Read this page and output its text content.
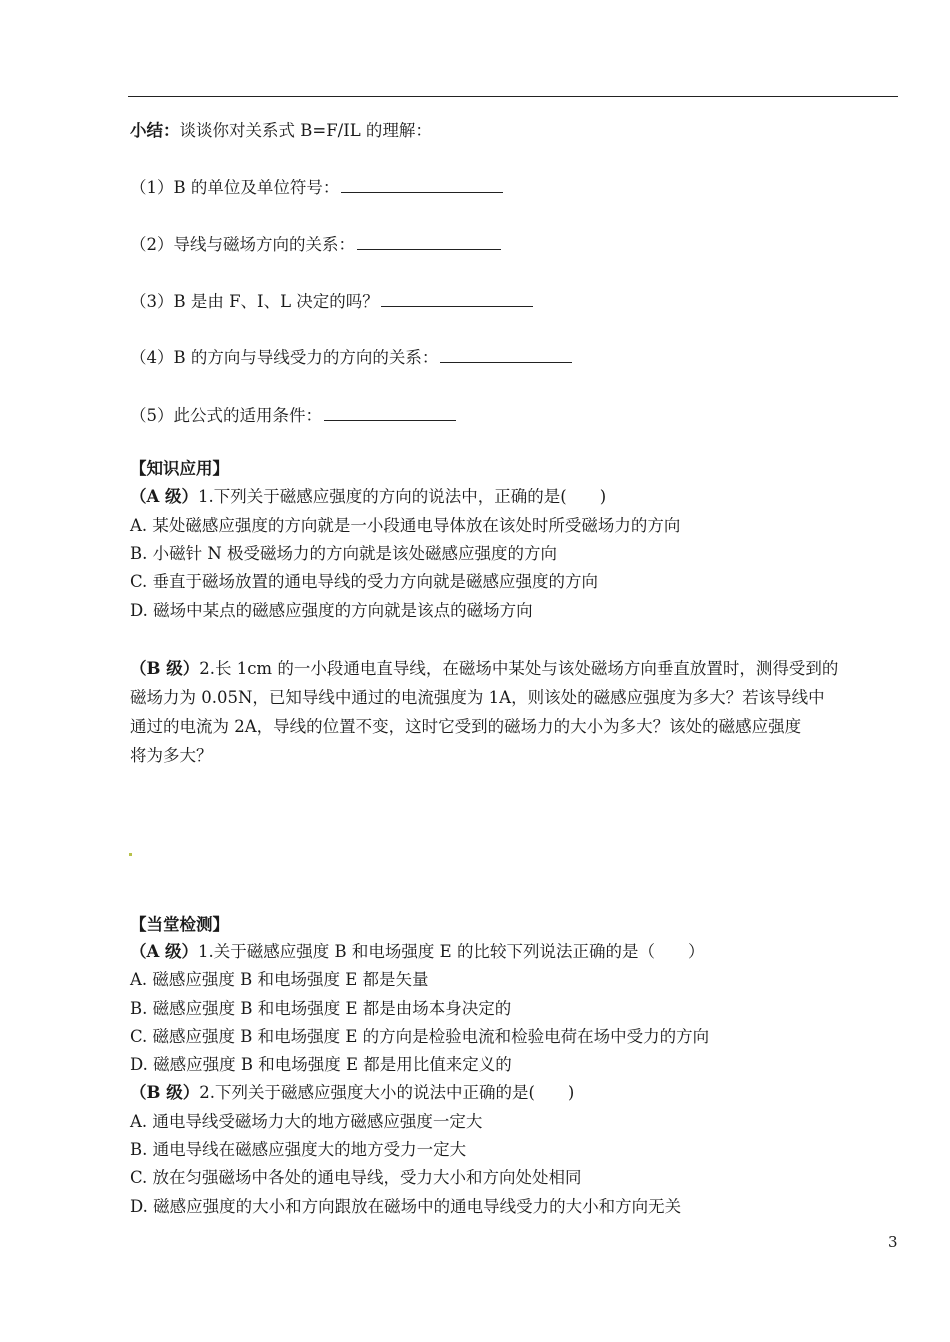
小结：谈谈你对关系式 B=F/IL 的理解：
（1）B 的单位及单位符号：
（2）导线与磁场方向的关系：
（3）B 是由 F、I、L 决定的吗？
（4）B 的方向与导线受力的方向的关系：
（5）此公式的适用条件：
【知识应用】
（A 级）1.下列关于磁感应强度的方向的说法中，正确的是(　　)
A. 某处磁感应强度的方向就是一小段通电导体放在该处时所受磁场力的方向
B. 小磁针 N 极受磁场力的方向就是该处磁感应强度的方向
C. 垂直于磁场放置的通电导线的受力方向就是磁感应强度的方向
D. 磁场中某点的磁感应强度的方向就是该点的磁场方向
（B 级）2.长 1cm 的一小段通电直导线，在磁场中某处与该处磁场方向垂直放置时，测得受到的
磁场力为 0.05N，已知导线中通过的电流强度为 1A，则该处的磁感应强度为多大？若该导线中
通过的电流为 2A，导线的位置不变，这时它受到的磁场力的大小为多大？该处的磁感应强度
将为多大？
【当堂检测】
（A 级）1.关于磁感应强度 B 和电场强度 E 的比较下列说法正确的是（　　）
A. 磁感应强度 B 和电场强度 E 都是矢量
B. 磁感应强度 B 和电场强度 E 都是由场本身决定的
C. 磁感应强度 B 和电场强度 E 的方向是检验电流和检验电荷在场中受力的方向
D. 磁感应强度 B 和电场强度 E 都是用比值来定义的
（B 级）2.下列关于磁感应强度大小的说法中正确的是(　　)
A. 通电导线受磁场力大的地方磁感应强度一定大
B. 通电导线在磁感应强度大的地方受力一定大
C. 放在匀强磁场中各处的通电导线，受力大小和方向处处相同
D. 磁感应强度的大小和方向跟放在磁场中的通电导线受力的大小和方向无关
3
